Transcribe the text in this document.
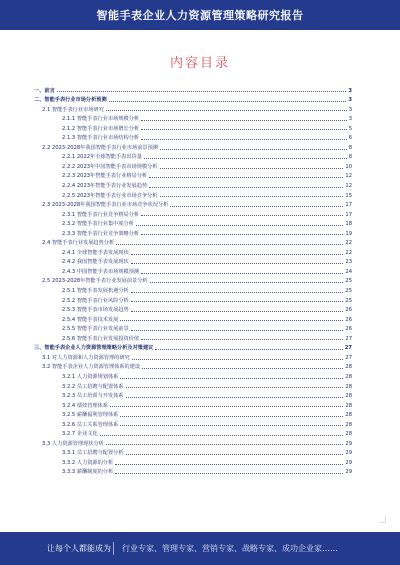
智能手表企业人力资源管理策略研究报告
内容目录
一、前言	3
二、智能手表行业市场分析预测	3
2.1 智能手表行业市场研究	3
2.1.1 智能手表行业市场规模分析	3
2.1.2 智能手表行业市场增长分析	5
2.1.3 智能手表行业市场结构分析	6
2.2 2023-2028年我国智能手表行业市场前景预测	8
2.2.1 2022年全球智能手表出货量	8
2.2.2 2023年中国智能手表市场规模分析	10
2.2.3 2023年智能手表行业格局分析	12
2.2.4 2023年智能手表行业发展趋势	12
2.2.5 2023年智能手表行业市场竞争分析	15
2.3 2023-2028年我国智能手表行业市场竞争状况分析	17
2.3.1 智能手表行业竞争格局分析	17
2.3.2 智能手表行业集中度分析	18
2.3.3 智能手表行业竞争策略分析	19
2.4 智能手表行业发展趋势分析	22
2.4.1 全球智能手表发展现状	22
2.4.2 我国智能手表发展现状	23
2.4.3 中国智能手表市场规模预测	24
2.5 2023-2028年智能手表行业发展前景分析	25
2.5.1 智能手表发展机遇分析	25
2.5.2 智能手表行业风险分析	25
2.5.3 智能手表市场发展趋势	26
2.5.4 智能手表技术发展	26
2.5.5 智能手表行业发展前景	26
2.5.6 智能手表行业发展投资价值	27
三、智能手表企业人力资源管理策略分析及对策建议	27
3.1 对人力资源和人力资源管理的研究	27
3.2 智能手表企业人力资源管理体系的建设	28
3.2.1 人力资源规划体系	28
3.2.2 员工招聘与配置体系	28
3.2.3 员工培训与开发体系	28
3.2.4 绩效管理体系	28
3.2.5 薪酬福利管理体系	28
3.2.6 员工关系管理体系	28
3.2.7 企业文化	28
3.3 人力资源管理现状分析	29
3.3.1 员工招聘与配置分析	29
3.3.2 人力资源的分析	29
3.3.3 薪酬制度的分析	29
让每个人都能成为 行业专家、管理专家、营销专家、战略专家、成功企业家……
